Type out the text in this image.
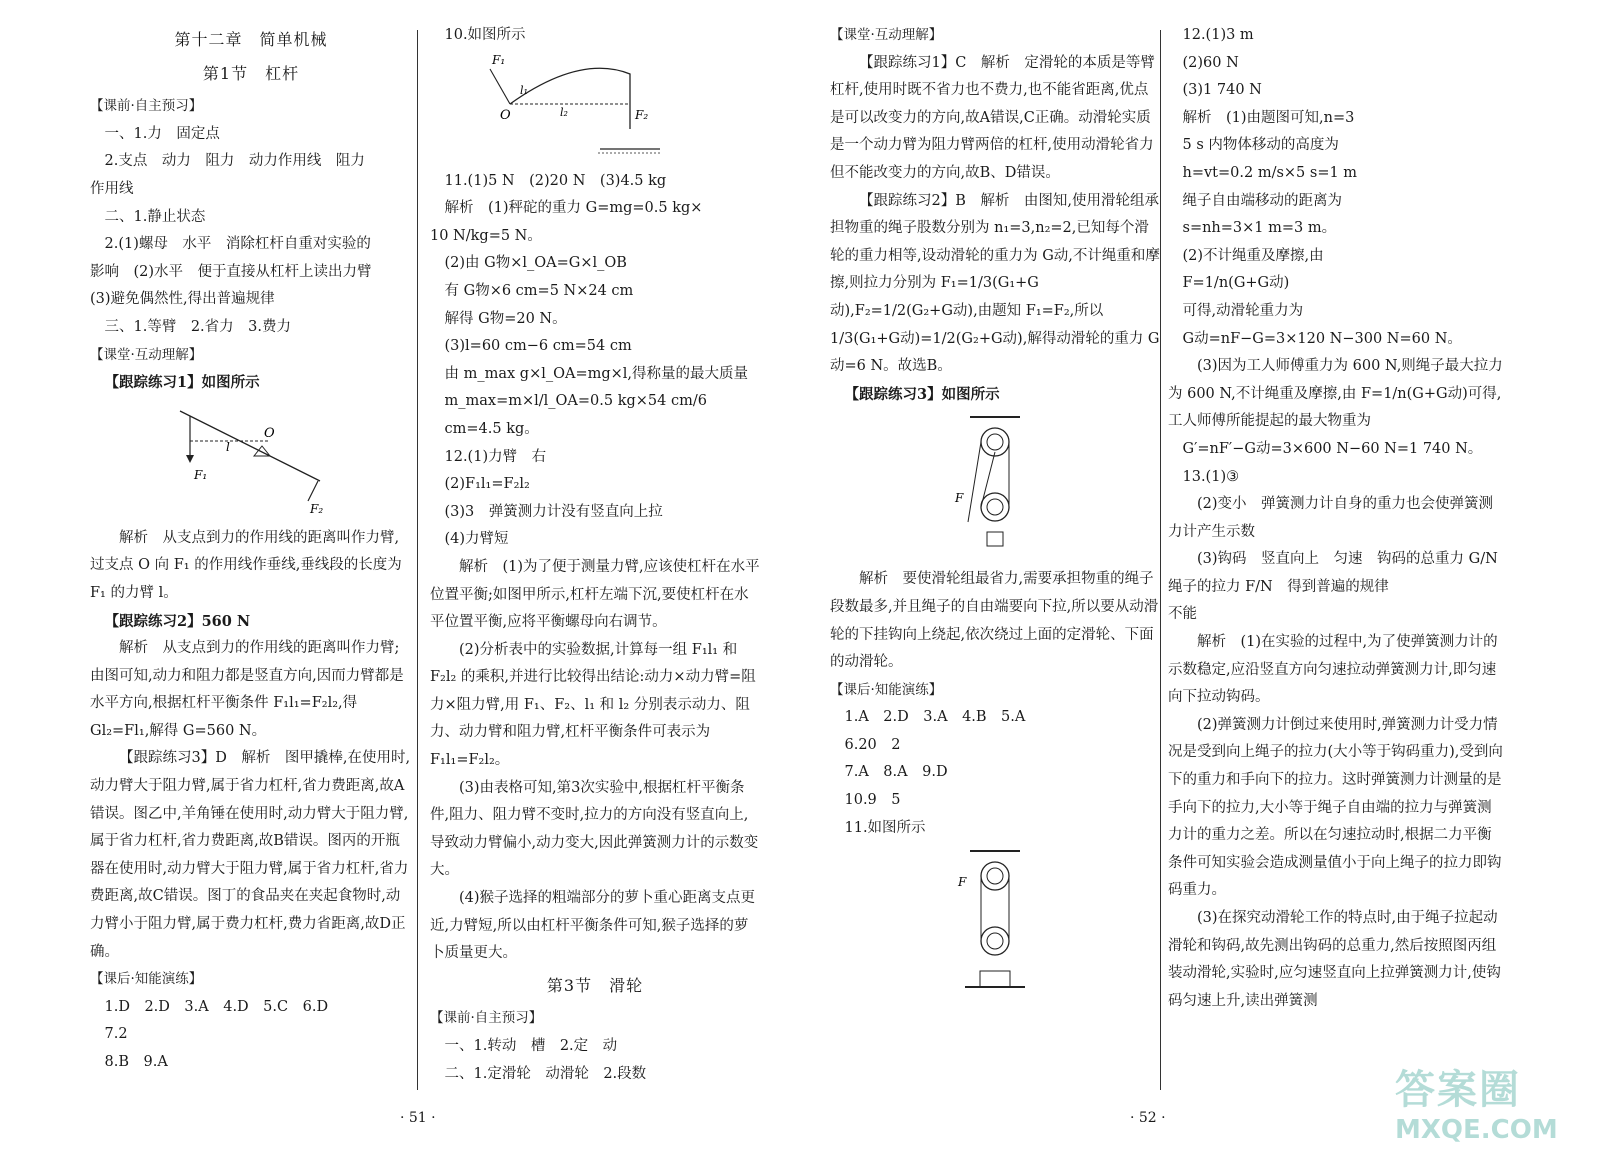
第十二章　简单机械

第1节　杠杆

【课前·自主预习】

一、1.力　固定点

2.支点　动力　阻力　动力作用线　阻力

作用线

二、1.静止状态

2.(1)螺母　水平　消除杠杆自重对实验的

影响　(2)水平　便于直接从杠杆上读出力臂

(3)避免偶然性,得出普遍规律

三、1.等臂　2.省力　3.费力

【课堂·互动理解】

【跟踪练习1】如图所示

O
l
F₁
F₂

解析　从支点到力的作用线的距离叫作力臂,过支点 O 向 F₁ 的作用线作垂线,垂线段的长度为 F₁ 的力臂 l。

【跟踪练习2】560 N

解析　从支点到力的作用线的距离叫作力臂;由图可知,动力和阻力都是竖直方向,因而力臂都是水平方向,根据杠杆平衡条件 F₁l₁=F₂l₂,得 Gl₂=Fl₁,解得 G=560 N。

【跟踪练习3】D　解析　图甲撬棒,在使用时,动力臂大于阻力臂,属于省力杠杆,省力费距离,故A错误。图乙中,羊角锤在使用时,动力臂大于阻力臂,属于省力杠杆,省力费距离,故B错误。图丙的开瓶器在使用时,动力臂大于阻力臂,属于省力杠杆,省力费距离,故C错误。图丁的食品夹在夹起食物时,动力臂小于阻力臂,属于费力杠杆,费力省距离,故D正确。

【课后·知能演练】

1.D　2.D　3.A　4.D　5.C　6.D

7.2

8.B　9.A

10.如图所示

F₁
l₁
O	l₂	F₂

11.(1)5 N　(2)20 N　(3)4.5 kg

解析　(1)秤砣的重力 G=mg=0.5 kg×

10 N/kg=5 N。

(2)由 G物×l_OA=G×l_OB

有 G物×6 cm=5 N×24 cm

解得 G物=20 N。

(3)l=60 cm−6 cm=54 cm

由 m_max g×l_OA=mg×l,得称量的最大质量

m_max=m×l/l_OA=0.5 kg×54 cm/6 cm=4.5 kg。

12.(1)力臂　右

(2)F₁l₁=F₂l₂

(3)3　弹簧测力计没有竖直向上拉

(4)力臂短

解析　(1)为了便于测量力臂,应该使杠杆在水平位置平衡;如图甲所示,杠杆左端下沉,要使杠杆在水平位置平衡,应将平衡螺母向右调节。

(2)分析表中的实验数据,计算每一组 F₁l₁ 和 F₂l₂ 的乘积,并进行比较得出结论:动力×动力臂=阻力×阻力臂,用 F₁、F₂、l₁ 和 l₂ 分别表示动力、阻力、动力臂和阻力臂,杠杆平衡条件可表示为 F₁l₁=F₂l₂。

(3)由表格可知,第3次实验中,根据杠杆平衡条件,阻力、阻力臂不变时,拉力的方向没有竖直向上,导致动力臂偏小,动力变大,因此弹簧测力计的示数变大。

(4)猴子选择的粗端部分的萝卜重心距离支点更近,力臂短,所以由杠杆平衡条件可知,猴子选择的萝卜质量更大。

第3节　滑轮

【课前·自主预习】

一、1.转动　槽　2.定　动

二、1.定滑轮　动滑轮　2.段数

【课堂·互动理解】

【跟踪练习1】C　解析　定滑轮的本质是等臂杠杆,使用时既不省力也不费力,也不能省距离,优点是可以改变力的方向,故A错误,C正确。动滑轮实质是一个动力臂为阻力臂两倍的杠杆,使用动滑轮省力但不能改变力的方向,故B、D错误。

【跟踪练习2】B　解析　由图知,使用滑轮组承担物重的绳子股数分别为 n₁=3,n₂=2,已知每个滑轮的重力相等,设动滑轮的重力为 G动,不计绳重和摩擦,则拉力分别为 F₁=1/3(G₁+G动),F₂=1/2(G₂+G动),由题知 F₁=F₂,所以 1/3(G₁+G动)=1/2(G₂+G动),解得动滑轮的重力 G动=6 N。故选B。

【跟踪练习3】如图所示

F

解析　要使滑轮组最省力,需要承担物重的绳子段数最多,并且绳子的自由端要向下拉,所以要从动滑轮的下挂钩向上绕起,依次绕过上面的定滑轮、下面的动滑轮。

【课后·知能演练】

1.A　2.D　3.A　4.B　5.A

6.20　2

7.A　8.A　9.D

10.9　5

11.如图所示

F

12.(1)3 m

(2)60 N

(3)1 740 N

解析　(1)由题图可知,n=3

5 s 内物体移动的高度为

h=vt=0.2 m/s×5 s=1 m

绳子自由端移动的距离为

s=nh=3×1 m=3 m。

(2)不计绳重及摩擦,由

F=1/n(G+G动)

可得,动滑轮重力为

G动=nF−G=3×120 N−300 N=60 N。

(3)因为工人师傅重力为 600 N,则绳子最大拉力为 600 N,不计绳重及摩擦,由 F=1/n(G+G动)可得,工人师傅所能提起的最大物重为

G′=nF′−G动=3×600 N−60 N=1 740 N。

13.(1)③

(2)变小　弹簧测力计自身的重力也会使弹簧测力计产生示数

(3)钩码　竖直向上　匀速　钩码的总重力 G/N　绳子的拉力 F/N　得到普遍的规律

不能

解析　(1)在实验的过程中,为了使弹簧测力计的示数稳定,应沿竖直方向匀速拉动弹簧测力计,即匀速向下拉动钩码。

(2)弹簧测力计倒过来使用时,弹簧测力计受力情况是受到向上绳子的拉力(大小等于钩码重力),受到向下的重力和手向下的拉力。这时弹簧测力计测量的是手向下的拉力,大小等于绳子自由端的拉力与弹簧测力计的重力之差。所以在匀速拉动时,根据二力平衡条件可知实验会造成测量值小于向上绳子的拉力即钩码重力。

(3)在探究动滑轮工作的特点时,由于绳子拉起动滑轮和钩码,故先测出钩码的总重力,然后按照图丙组装动滑轮,实验时,应匀速竖直向上拉弹簧测力计,使钩码匀速上升,读出弹簧测

· 51 ·	· 52 ·
答案圈
MXQE.COM
